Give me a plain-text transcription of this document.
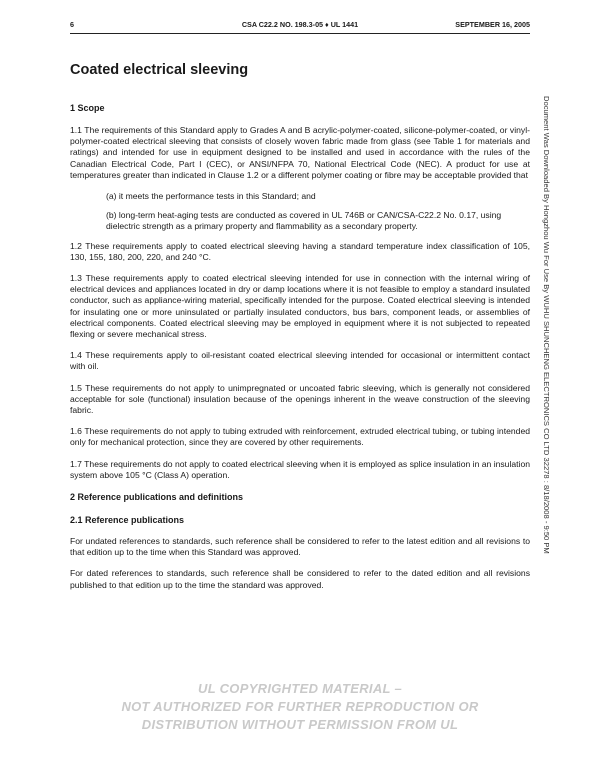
6	CSA C22.2 NO. 198.3-05 ♦ UL 1441	SEPTEMBER 16, 2005
Coated electrical sleeving
1 Scope

1.1 The requirements of this Standard apply to Grades A and B acrylic-polymer-coated, silicone-polymer-coated, or vinyl-polymer-coated electrical sleeving that consists of closely woven fabric made from glass (see Table 1 for materials and ratings) and intended for use in equipment designed to be installed and used in accordance with the rules of the Canadian Electrical Code, Part I (CEC), or ANSI/NFPA 70, National Electrical Code (NEC). A product for use at temperatures greater than indicated in Clause 1.2 or a different polymer coating or fibre may be acceptable provided that

(a) it meets the performance tests in this Standard; and

(b) long-term heat-aging tests are conducted as covered in UL 746B or CAN/CSA-C22.2 No. 0.17, using dielectric strength as a primary property and flammability as a secondary property.

1.2 These requirements apply to coated electrical sleeving having a standard temperature index classification of 105, 130, 155, 180, 200, 220, and 240 °C.

1.3 These requirements apply to coated electrical sleeving intended for use in connection with the internal wiring of electrical devices and appliances located in dry or damp locations where it is not feasible to employ a standard insulated conductor, such as appliance-wiring material, specifically intended for the purpose. Coated electrical sleeving is intended for insulating one or more uninsulated or partially insulated conductors, bus bars, component leads, or assemblies of electrical components. Coated electrical sleeving may be employed in equipment where it is not subjected to repeated flexing or severe mechanical stress.

1.4 These requirements apply to oil-resistant coated electrical sleeving intended for occasional or intermittent contact with oil.

1.5 These requirements do not apply to unimpregnated or uncoated fabric sleeving, which is generally not considered acceptable for sole (functional) insulation because of the openings inherent in the weave construction of the sleeving fabric.

1.6 These requirements do not apply to tubing extruded with reinforcement, extruded electrical tubing, or tubing intended only for mechanical protection, since they are covered by other requirements.

1.7 These requirements do not apply to coated electrical sleeving when it is employed as splice insulation in an insulation system above 105 °C (Class A) operation.

2 Reference publications and definitions
2.1 Reference publications

For undated references to standards, such reference shall be considered to refer to the latest edition and all revisions to that edition up to the time when this Standard was approved.

For dated references to standards, such reference shall be considered to refer to the dated edition and all revisions published to that edition up to the time the standard was approved.

Document Was Downloaded By Hongzhou Wu For Use By WUHU SHUNCHENG ELECTRONICS CO LTD 32278 : 8/18/2008 - 9:50 PM
UL COPYRIGHTED MATERIAL –
NOT AUTHORIZED FOR FURTHER REPRODUCTION OR
DISTRIBUTION WITHOUT PERMISSION FROM UL
